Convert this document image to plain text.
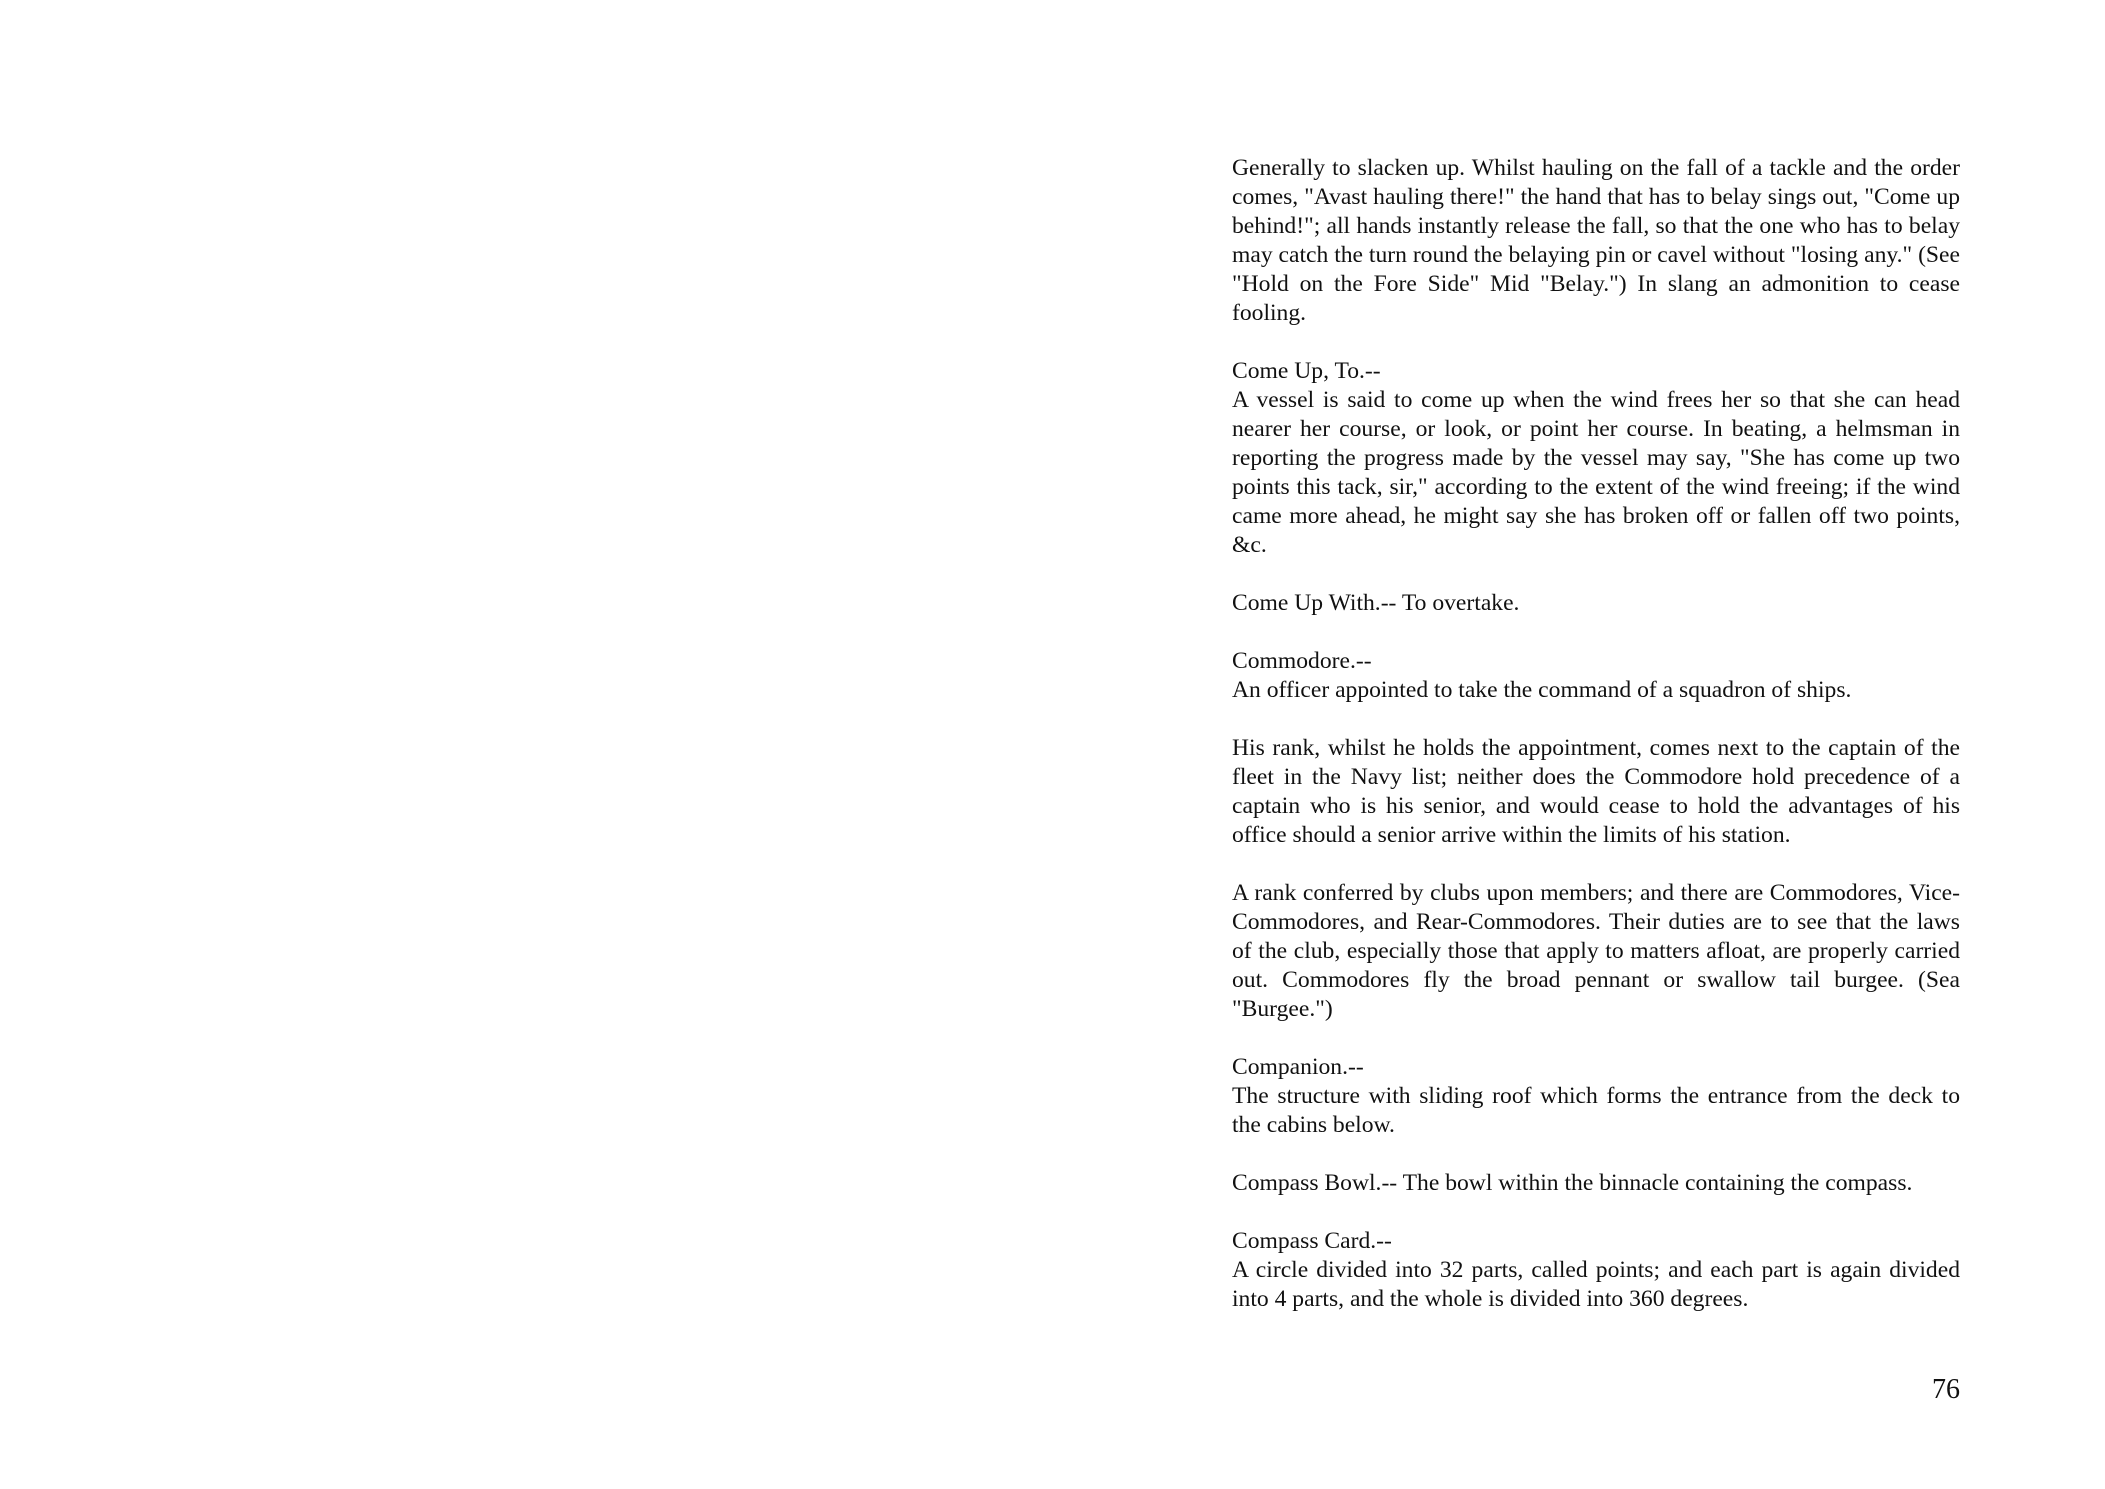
Generally to slacken up. Whilst hauling on the fall of a tackle and the order comes, "Avast hauling there!" the hand that has to belay sings out, "Come up behind!"; all hands instantly release the fall, so that the one who has to belay may catch the turn round the belaying pin or cavel without "losing any." (See "Hold on the Fore Side" Mid "Belay.") In slang an admonition to cease fooling.

Come Up, To.--
A vessel is said to come up when the wind frees her so that she can head nearer her course, or look, or point her course. In beating, a helmsman in reporting the progress made by the vessel may say, "She has come up two points this tack, sir," according to the extent of the wind freeing; if the wind came more ahead, he might say she has broken off or fallen off two points, &c.

Come Up With.-- To overtake.

Commodore.--
An officer appointed to take the command of a squadron of ships.

His rank, whilst he holds the appointment, comes next to the captain of the fleet in the Navy list; neither does the Commodore hold precedence of a captain who is his senior, and would cease to hold the advantages of his office should a senior arrive within the limits of his station.

A rank conferred by clubs upon members; and there are Commodores, Vice-Commodores, and Rear-Commodores. Their duties are to see that the laws of the club, especially those that apply to matters afloat, are properly carried out. Commodores fly the broad pennant or swallow tail burgee. (Sea "Burgee.")

Companion.--
The structure with sliding roof which forms the entrance from the deck to the cabins below.

Compass Bowl.-- The bowl within the binnacle containing the compass.

Compass Card.--
A circle divided into 32 parts, called points; and each part is again divided into 4 parts, and the whole is divided into 360 degrees.
76
